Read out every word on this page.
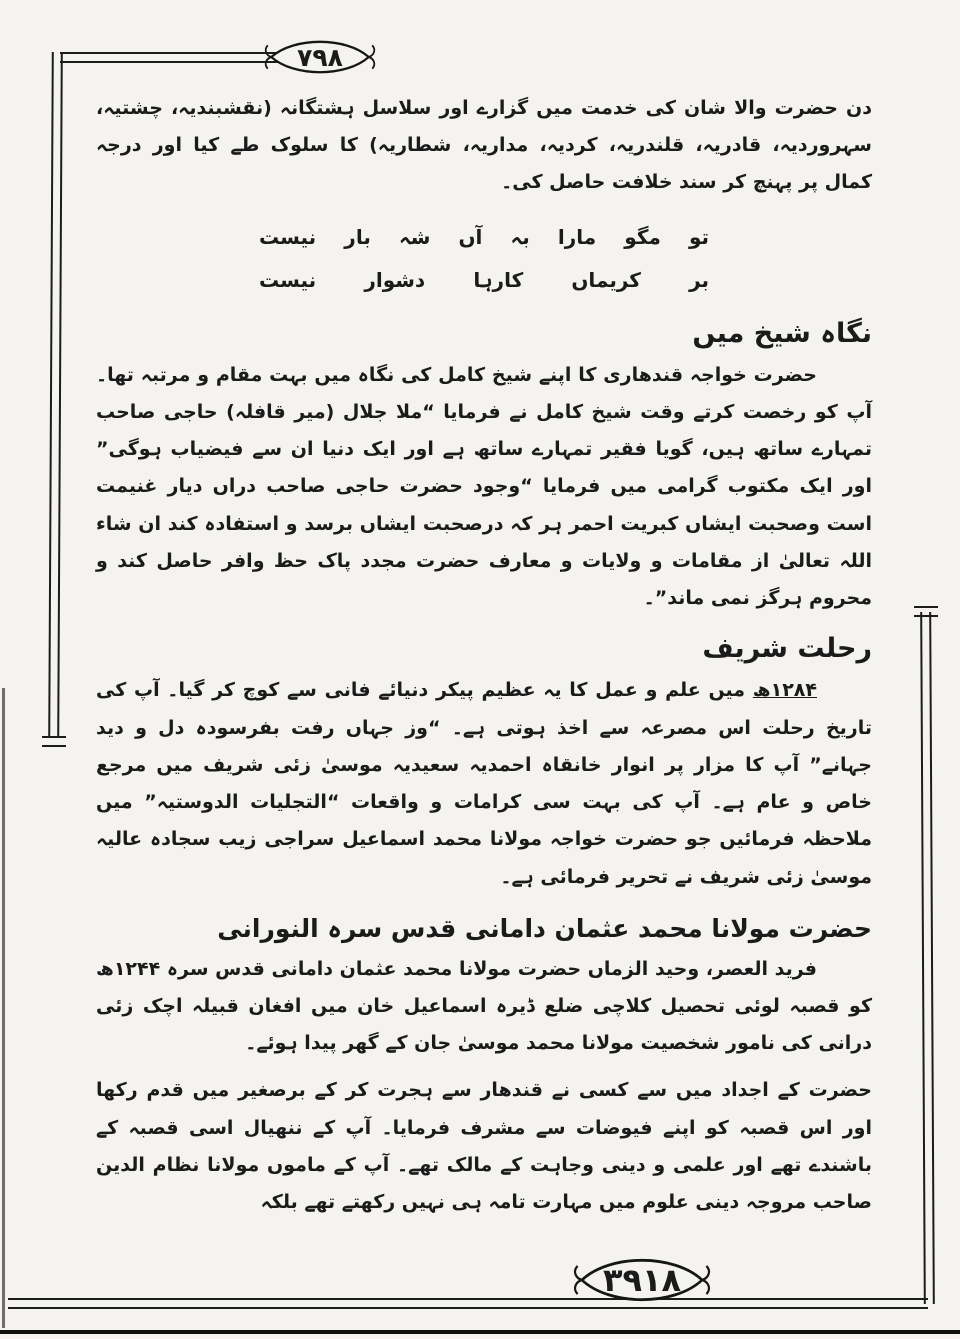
۷۹۸
۳۹۱۸

دن حضرت والا شان کی خدمت میں گزارے اور سلاسل ہشتگانہ (نقشبندیہ، چشتیہ، سہروردیہ، قادریہ، قلندریہ، کردیہ، مداریہ، شطاریہ) کا سلوک طے کیا اور درجہ کمال پر پہنچ کر سند خلافت حاصل کی۔

تو مگو مارا بہ آں شہ بار نیست
بر کریماں کارہا دشوار نیست
نگاہ شیخ میں

حضرت خواجہ قندھاری کا اپنے شیخ کامل کی نگاہ میں بہت مقام و مرتبہ تھا۔ آپ کو رخصت کرتے وقت شیخ کامل نے فرمایا “ملا جلال (میر قافلہ) حاجی صاحب تمہارے ساتھ ہیں، گویا فقیر تمہارے ساتھ ہے اور ایک دنیا ان سے فیضیاب ہوگی” اور ایک مکتوب گرامی میں فرمایا “وجود حضرت حاجی صاحب دراں دیار غنیمت است وصحبت ایشاں کبریت احمر ہر کہ درصحبت ایشاں برسد و استفادہ کند ان شاء اللہ تعالیٰ از مقامات و ولایات و معارف حضرت مجدد پاک حظ وافر حاصل کند و محروم ہرگز نمی ماند”۔

رحلت شریف

۱۲۸۴ھ میں علم و عمل کا یہ عظیم پیکر دنیائے فانی سے کوچ کر گیا۔ آپ کی تاریخ رحلت اس مصرعہ سے اخذ ہوتی ہے۔ “وز جہاں رفت بفرسودہ دل و دید جہانے” آپ کا مزار پر انوار خانقاہ احمدیہ سعیدیہ موسیٰ زئی شریف میں مرجع خاص و عام ہے۔ آپ کی بہت سی کرامات و واقعات “التجلیات الدوستیہ” میں ملاحظہ فرمائیں جو حضرت خواجہ مولانا محمد اسماعیل سراجی زیب سجادہ عالیہ موسیٰ زئی شریف نے تحریر فرمائی ہے۔

حضرت مولانا محمد عثمان دامانی قدس سرہ النورانی

فرید العصر، وحید الزماں حضرت مولانا محمد عثمان دامانی قدس سرہ ۱۲۴۴ھ کو قصبہ لوئی تحصیل کلاچی ضلع ڈیرہ اسماعیل خان میں افغان قبیلہ اچک زئی درانی کی نامور شخصیت مولانا محمد موسیٰ جان کے گھر پیدا ہوئے۔

حضرت کے اجداد میں سے کسی نے قندھار سے ہجرت کر کے برصغیر میں قدم رکھا اور اس قصبہ کو اپنے فیوضات سے مشرف فرمایا۔ آپ کے ننھیال اسی قصبہ کے باشندے تھے اور علمی و دینی وجاہت کے مالک تھے۔ آپ کے ماموں مولانا نظام الدین صاحب مروجہ دینی علوم میں مہارت تامہ ہی نہیں رکھتے تھے بلکہ
